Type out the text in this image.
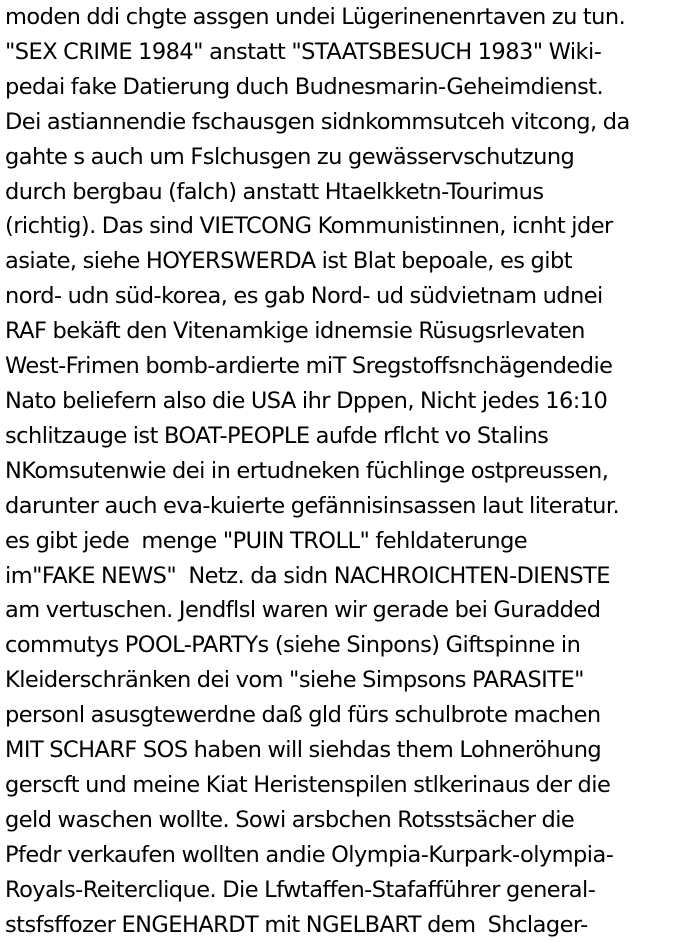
moden ddi chgte assgen undei Lügerinenenrtaven zu tun.
"SEX CRIME 1984" anstatt "STAATSBESUCH 1983" Wiki-
pedai fake Datierung duch Budnesmarin-Geheimdienst.
Dei astiannendie fschausgen sidnkommsutceh vitcong, da
gahte s auch um Fslchusgen zu gewässervschutzung
durch bergbau (falch) anstatt Htaelkketn-Tourimus
(richtig). Das sind VIETCONG Kommunistinnen, icnht jder
asiate, siehe HOYERSWERDA ist Blat bepoale, es gibt
nord- udn süd-korea, es gab Nord- ud südvietnam udnei
RAF bekäft den Vitenamkige idnemsie Rüsugsrlevaten
West-Frimen bomb-ardierte miT Sregstoffsnchägendedie
Nato beliefern also die USA ihr Dppen, Nicht jedes 16:10
schlitzauge ist BOAT-PEOPLE aufde rflcht vo Stalins
NKomsutenwie dei in ertudneken füchlinge ostpreussen,
darunter auch eva-kuierte gefännisinsassen laut literatur.
es gibt jede  menge "PUIN TROLL" fehldaterunge
im"FAKE NEWS"  Netz. da sidn NACHROICHTEN-DIENSTE
am vertuschen. Jendflsl waren wir gerade bei Guradded
commutys POOL-PARTYs (siehe Sinpons) Giftspinne in
Kleiderschränken dei vom "siehe Simpsons PARASITE"
personl asusgtewerdne daß gld fürs schulbrote machen
MIT SCHARF SOS haben will siehdas them Lohneröhung
gerscft und meine Kiat Heristenspilen stlkerinaus der die
geld waschen wollte. Sowi arsbchen Rotsstsächer die
Pfedr verkaufen wollten andie Olympia-Kurpark-olympia-
Royals-Reiterclique. Die Lfwtaffen-Stafafführer general-
stsfsffozer ENGEHARDT mit NGELBART dem  Shclager-
